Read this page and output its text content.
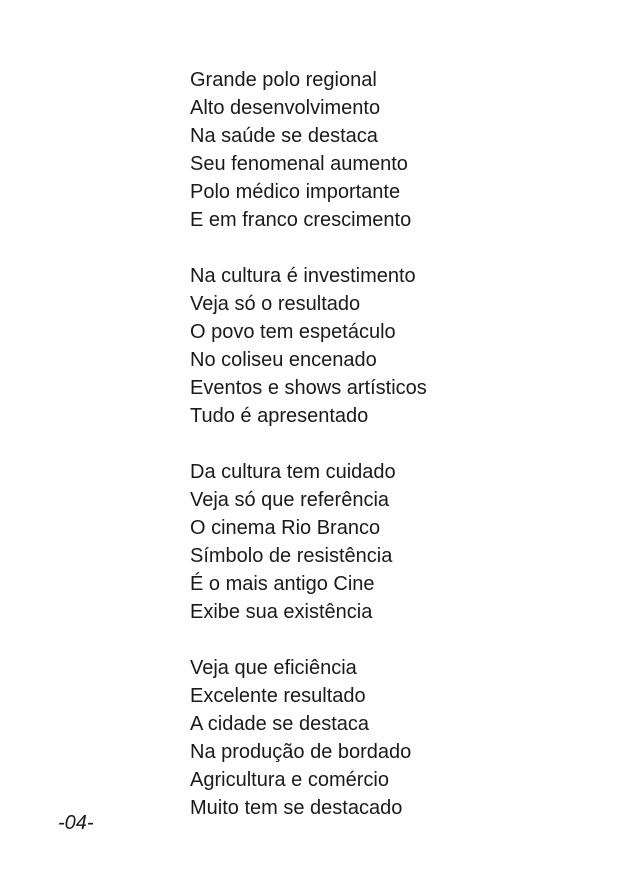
Grande polo regional
Alto desenvolvimento
Na saúde se destaca
Seu fenomenal aumento
Polo médico importante
E em franco crescimento
Na cultura é investimento
Veja só o resultado
O povo tem espetáculo
No coliseu encenado
Eventos e shows artísticos
Tudo é apresentado
Da cultura tem cuidado
Veja só que referência
O cinema Rio Branco
Símbolo de resistência
É o mais antigo Cine
Exibe sua existência
Veja que eficiência
Excelente resultado
A cidade se destaca
Na produção de bordado
Agricultura e comércio
Muito tem se destacado
-04-
